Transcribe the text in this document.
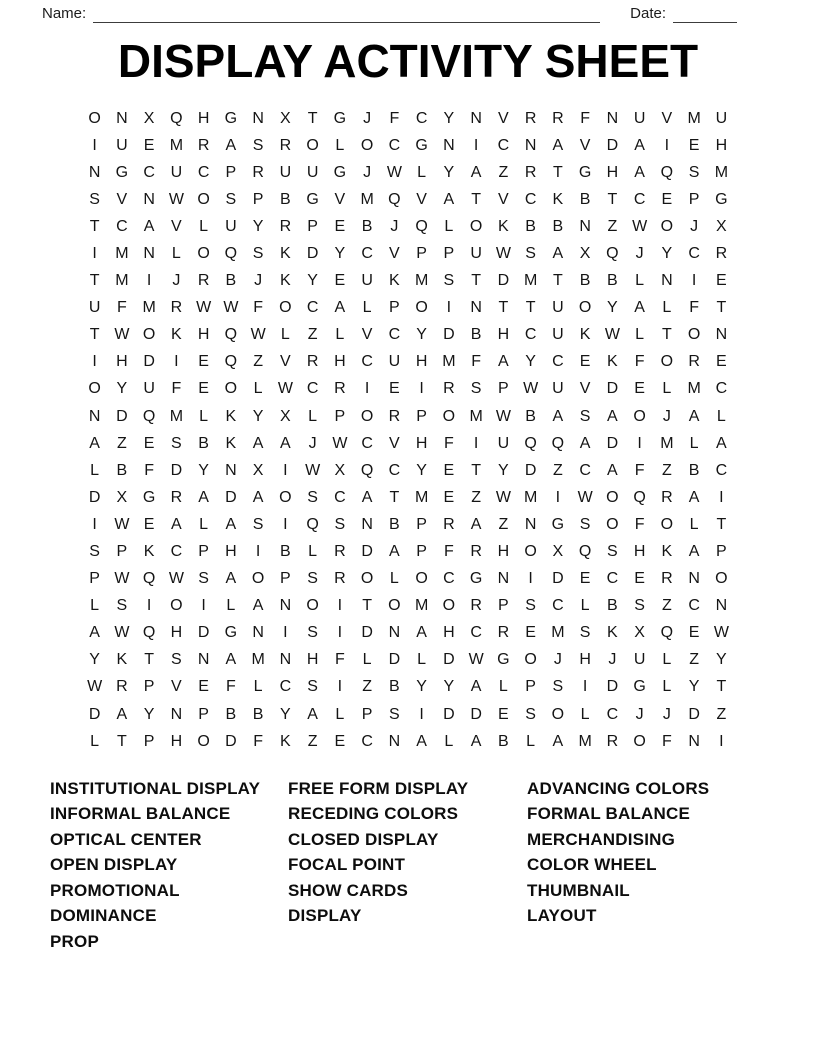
Name:	Date:
DISPLAY ACTIVITY SHEET
O N	X Q H G N	X	T	G	J	F	C	Y	N	V	R R	F	N U	V M U
I	U	E M R	A	S	R O	L	O C G N	I	C N	A	V	D	A	I	E	H
N G C U C	P	R U U G	J W L	Y	A	Z	R	T	G H	A Q S M
S	V	N W O S	P	B G V M Q V	A	T	V	C	K	B	T	C	E	P G
T	C	A	V	L	U	Y	R	P	E	B	J	Q	L	O K	B	B	N	Z W O	J	X
I	M N	L	O Q S	K	D	Y	C	V	P	P	U W S	A	X Q	J	Y	C R
T M	I	J	R	B	J	K	Y	E	U	K M S	T	D M T	B	B	L	N	I	E
U	F M R W W F	O C	A	L	P O	I	N	T	T	U O Y	A	L	F	T
T W O K	H Q W L	Z	L	V	C	Y	D	B	H C U	K W L	T	O N
I	H D	I	E Q	Z	V	R H C U H M F	A	Y	C	E	K	F	O R	E
O Y	U	F	E O	L W C R	I	E	I	R	S	P W U	V	D	E	L	M C
N D Q M	L	K	Y	X	L	P O R	P O M W B	A	S	A O	J	A	L
A	Z	E	S	B	K	A	A	J W C	V	H	F	I	U Q Q A	D	I	M	L	A
L	B	F	D	Y	N	X	I	W X Q C	Y	E	T	Y	D	Z	C	A	F	Z	B	C
D	X G R	A	D	A O S	C	A	T M E	Z W M	I	W O Q R	A	I
I	W E	A	L	A	S	I	Q S	N	B	P	R	A	Z	N G S O	F	O	L	T
S	P	K	C	P	H	I	B	L	R D	A	P	F	R H O X Q S	H	K	A	P
P W Q W S	A O P	S	R O	L	O C G N	I	D	E	C	E	R N O
L	S	I	O	I	L	A	N O	I	T	O M O R	P	S	C	L	B	S	Z	C N
A W Q H D G N	I	S	I	D N	A	H C R	E M S	K	X Q E W
Y	K	T	S	N	A M N H	F	L	D	L	D W G O	J	H	J	U	L	Z	Y
W R	P	V	E	F	L	C	S	I	Z	B	Y	Y	A	L	P	S	I	D G	L	Y	T
D	A	Y	N	P	B	B	Y	A	L	P	S	I	D D	E	S O	L	C	J	J	D	Z
L	T	P	H O D	F	K	Z	E	C N	A	L	A	B	L	A M R O	F	N	I
INSTITUTIONAL DISPLAY
INFORMAL BALANCE
OPTICAL CENTER
OPEN DISPLAY
PROMOTIONAL
DOMINANCE
PROP
FREE FORM DISPLAY
RECEDING COLORS
CLOSED DISPLAY
FOCAL POINT
SHOW CARDS
DISPLAY
ADVANCING COLORS
FORMAL BALANCE
MERCHANDISING
COLOR WHEEL
THUMBNAIL
LAYOUT
